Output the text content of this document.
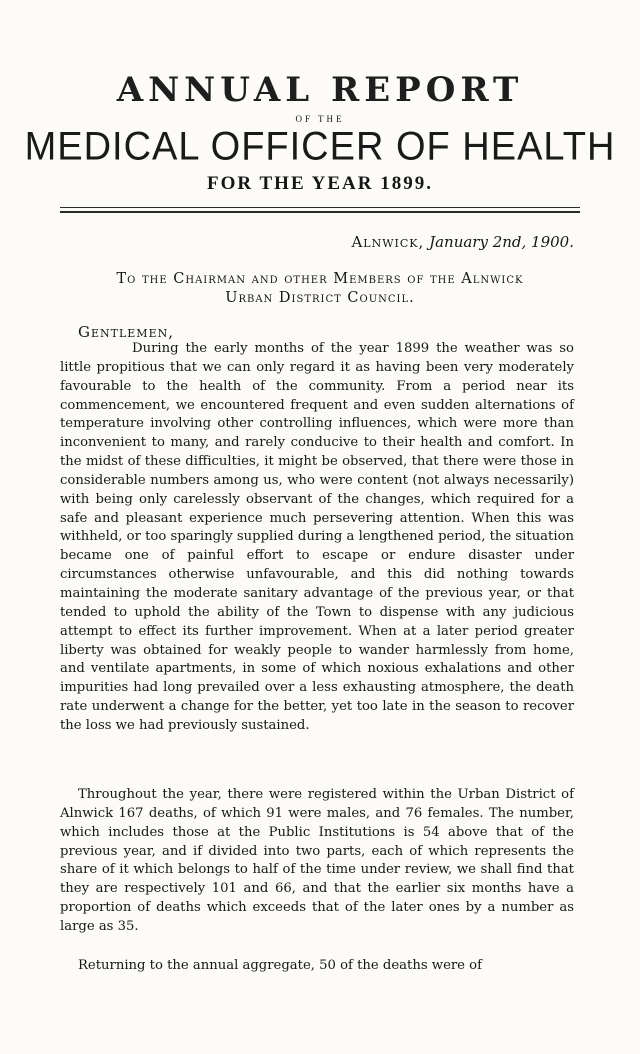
ANNUAL REPORT
OF THE
MEDICAL OFFICER OF HEALTH
FOR THE YEAR 1899.
Alnwick, January 2nd, 1900.
To the Chairman and other Members of the Alnwick
Urban District Council.
Gentlemen,

During the early months of the year 1899 the weather was so little propitious that we can only regard it as having been very moderately favourable to the health of the community. From a period near its commencement, we encountered frequent and even sudden alternations of temperature involving other controlling influences, which were more than inconvenient to many, and rarely conducive to their health and comfort. In the midst of these difficulties, it might be observed, that there were those in considerable numbers among us, who were content (not always necessarily) with being only carelessly observant of the changes, which required for a safe and pleasant experience much persevering attention. When this was withheld, or too sparingly supplied during a lengthened period, the situation became one of painful effort to escape or endure disaster under circumstances otherwise unfavourable, and this did nothing towards maintaining the moderate sanitary advantage of the previous year, or that tended to uphold the ability of the Town to dispense with any judicious attempt to effect its further improvement. When at a later period greater liberty was obtained for weakly people to wander harmlessly from home, and ventilate apartments, in some of which noxious exhalations and other impurities had long prevailed over a less exhausting atmosphere, the death rate underwent a change for the better, yet too late in the season to recover the loss we had previously sustained.

Throughout the year, there were registered within the Urban District of Alnwick 167 deaths, of which 91 were males, and 76 females. The number, which includes those at the Public Institutions is 54 above that of the previous year, and if divided into two parts, each of which represents the share of it which belongs to half of the time under review, we shall find that they are respectively 101 and 66, and that the earlier six months have a proportion of deaths which exceeds that of the later ones by a number as large as 35.

Returning to the annual aggregate, 50 of the deaths were of
